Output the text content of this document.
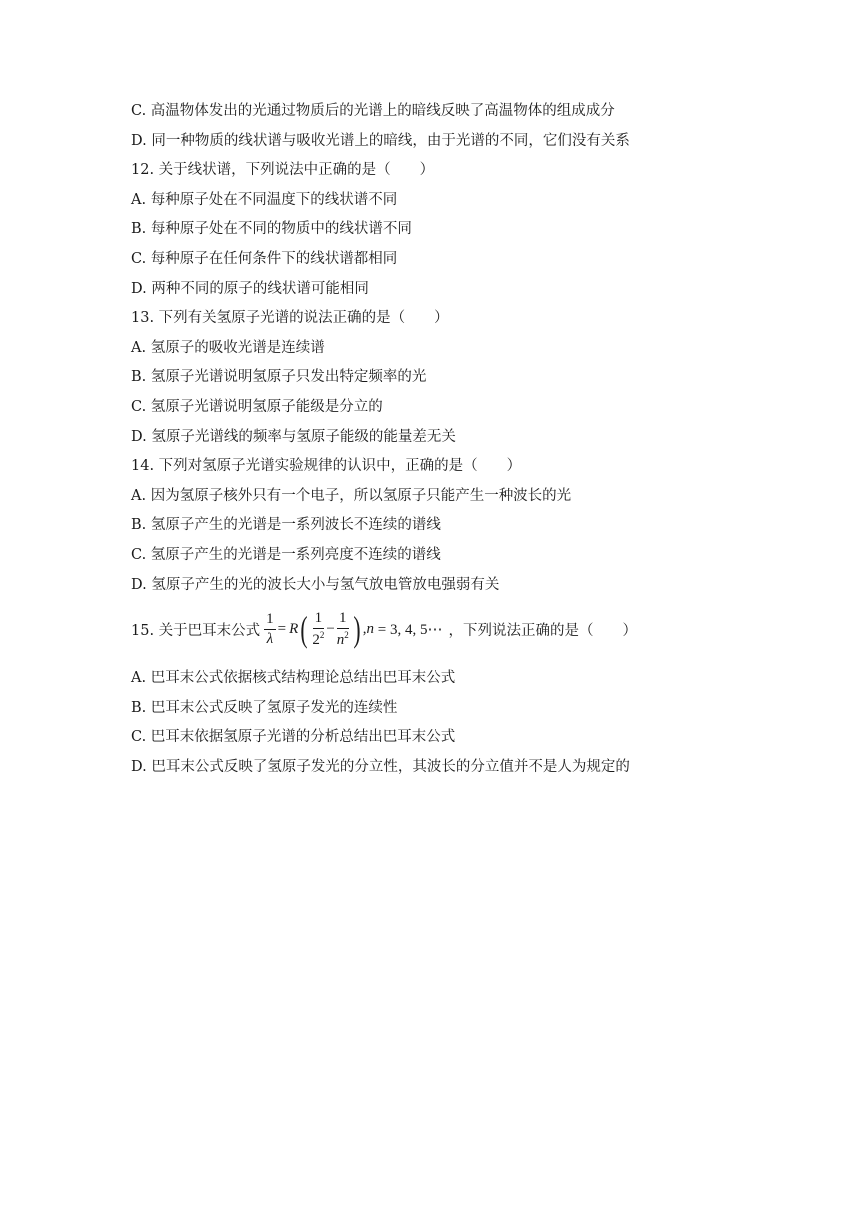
C. 高温物体发出的光通过物质后的光谱上的暗线反映了高温物体的组成成分
D. 同一种物质的线状谱与吸收光谱上的暗线，由于光谱的不同，它们没有关系
12. 关于线状谱，下列说法中正确的是（　　）
A. 每种原子处在不同温度下的线状谱不同
B. 每种原子处在不同的物质中的线状谱不同
C. 每种原子在任何条件下的线状谱都相同
D. 两种不同的原子的线状谱可能相同
13. 下列有关氢原子光谱的说法正确的是（　　）
A. 氢原子的吸收光谱是连续谱
B. 氢原子光谱说明氢原子只发出特定频率的光
C. 氢原子光谱说明氢原子能级是分立的
D. 氢原子光谱线的频率与氢原子能级的能量差无关
14. 下列对氢原子光谱实验规律的认识中，正确的是（　　）
A. 因为氢原子核外只有一个电子，所以氢原子只能产生一种波长的光
B. 氢原子产生的光谱是一系列波长不连续的谱线
C. 氢原子产生的光谱是一系列亮度不连续的谱线
D. 氢原子产生的光的波长大小与氢气放电管放电强弱有关
15. 关于巴耳末公式 $\frac{1}{\lambda} = R$ ( $\frac{1}{2^2} - \frac{1}{n^2}$ ) , n = 3, 4, 5⋯ ，下列说法正确的是（　　）
A. 巴耳末公式依据核式结构理论总结出巴耳末公式
B. 巴耳末公式反映了氢原子发光的连续性
C. 巴耳末依据氢原子光谱的分析总结出巴耳末公式
D. 巴耳末公式反映了氢原子发光的分立性，其波长的分立值并不是人为规定的
